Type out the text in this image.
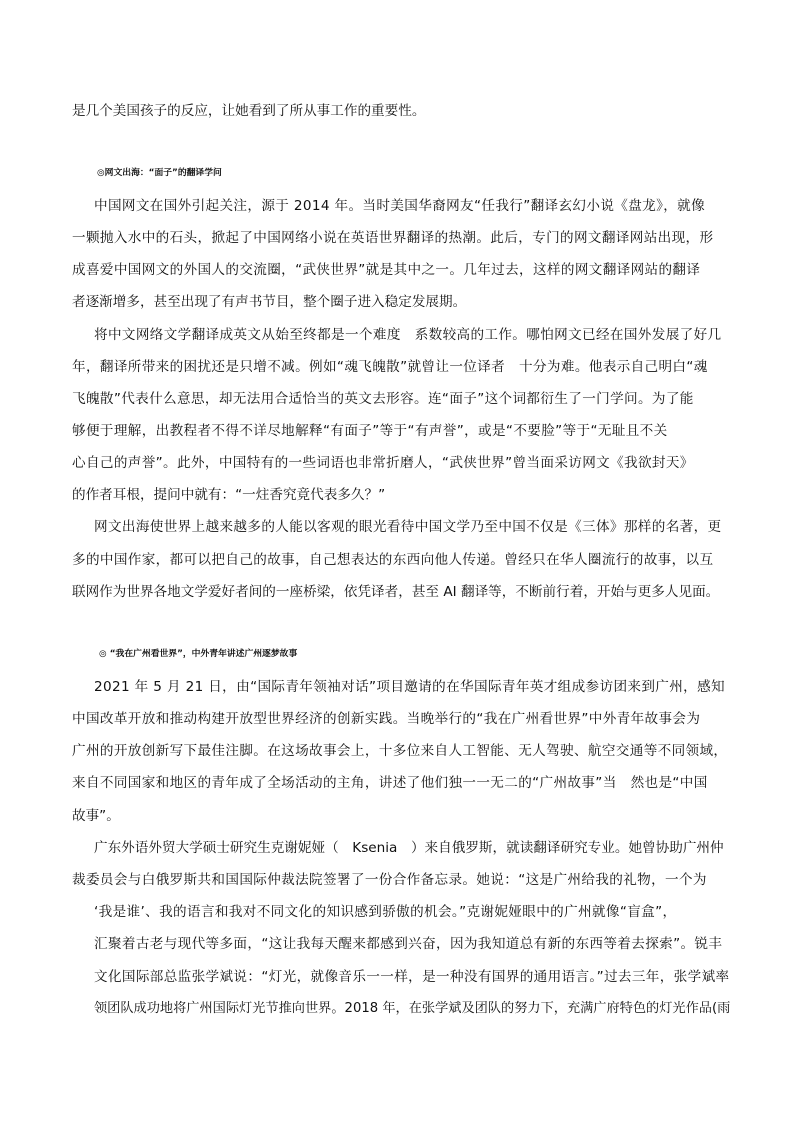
是几个美国孩子的反应，让她看到了所从事工作的重要性。
◎网文出海：“面子”的翻译学问
中国网文在国外引起关注，源于 2014 年。当时美国华裔网友“任我行”翻译玄幻小说《盘龙》，就像
一颗抛入水中的石头，掀起了中国网络小说在英语世界翻译的热潮。此后，专门的网文翻译网站出现，形
成喜爱中国网文的外国人的交流圈，“武侠世界”就是其中之一。几年过去，这样的网文翻译网站的翻译
者逐渐增多，甚至出现了有声书节目，整个圈子进入稳定发展期。
将中文网络文学翻译成英文从始至终都是一个难度　系数较高的工作。哪怕网文已经在国外发展了好几
年，翻译所带来的困扰还是只增不减。例如“魂飞魄散”就曾让一位译者　十分为难。他表示自己明白“魂
飞魄散”代表什么意思，却无法用合适恰当的英文去形容。连“面子”这个词都衍生了一门学问。为了能
够便于理解，出教程者不得不详尽地解释“有面子”等于“有声誉”，或是“不要脸”等于“无耻且不关
心自己的声誉”。此外，中国特有的一些词语也非常折磨人，“武侠世界”曾当面采访网文《我欲封天》
的作者耳根，提问中就有：“一炷香究竟代表多久？”
网文出海使世界上越来越多的人能以客观的眼光看待中国文学乃至中国不仅是《三体》那样的名著，更
多的中国作家，都可以把自己的故事，自己想表达的东西向他人传递。曾经只在华人圈流行的故事，以互
联网作为世界各地文学爱好者间的一座桥梁，依凭译者，甚至 AI 翻译等，不断前行着，开始与更多人见面。
◎ “我在广州看世界”，中外青年讲述广州逐梦故事
2021 年 5 月 21 日，由“国际青年领袖对话”项目邀请的在华国际青年英才组成参访团来到广州，感知
中国改革开放和推动构建开放型世界经济的创新实践。当晚举行的“我在广州看世界”中外青年故事会为
广州的开放创新写下最佳注脚。在这场故事会上，十多位来自人工智能、无人驾驶、航空交通等不同领域，
来自不同国家和地区的青年成了全场活动的主角，讲述了他们独一一无二的“广州故事”当　然也是“中国
故事”。
广东外语外贸大学硕士研究生克谢妮娅（　Ksenia　）来自俄罗斯，就读翻译研究专业。她曾协助广州仲
裁委员会与白俄罗斯共和国国际仲裁法院签署了一份合作备忘录。她说：“这是广州给我的礼物，一个为
‘我是谁’、我的语言和我对不同文化的知识感到骄傲的机会。”克谢妮娅眼中的广州就像“盲盒”，
汇聚着古老与现代等多面，“这让我每天醒来都感到兴奋，因为我知道总有新的东西等着去探索”。锐丰
文化国际部总监张学斌说：“灯光，就像音乐一一样，是一种没有国界的通用语言。”过去三年，张学斌率
领团队成功地将广州国际灯光节推向世界。2018 年，在张学斌及团队的努力下，充满广府特色的灯光作品(雨
